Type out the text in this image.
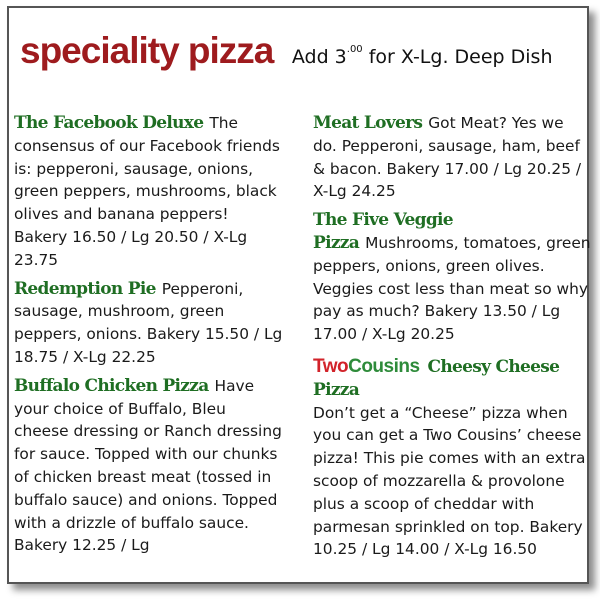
speciality pizza Add $3^{.00}$ for X-Lg. Deep Dish
The Facebook Deluxe The consensus of our Facebook friends is: pepperoni, sausage, onions, green peppers, mushrooms, black olives and banana peppers! Bakery 16.50 / Lg 20.50 / X-Lg 23.75
Redemption Pie Pepperoni, sausage, mushroom, green peppers, onions. Bakery 15.50 / Lg 18.75 / X-Lg 22.25
Buffalo Chicken Pizza Have your choice of Buffalo, Bleu cheese dressing or Ranch dressing for sauce. Topped with our chunks of chicken breast meat (tossed in buffalo sauce) and onions. Topped with a drizzle of buffalo sauce. Bakery 12.25 / Lg
Meat Lovers Got Meat? Yes we do. Pepperoni, sausage, ham, beef & bacon. Bakery 17.00 / Lg 20.25 / X-Lg 24.25
The Five Veggie Pizza Mushrooms, tomatoes, green peppers, onions, green olives. Veggies cost less than meat so why pay as much? Bakery 13.50 / Lg 17.00 / X-Lg 20.25
TwoCousins Cheesy Cheese Pizza
Don’t get a “Cheese” pizza when you can get a Two Cousins’ cheese pizza! This pie comes with an extra scoop of mozzarella & provolone plus a scoop of cheddar with parmesan sprinkled on top. Bakery 10.25 / Lg 14.00 / X-Lg 16.50
